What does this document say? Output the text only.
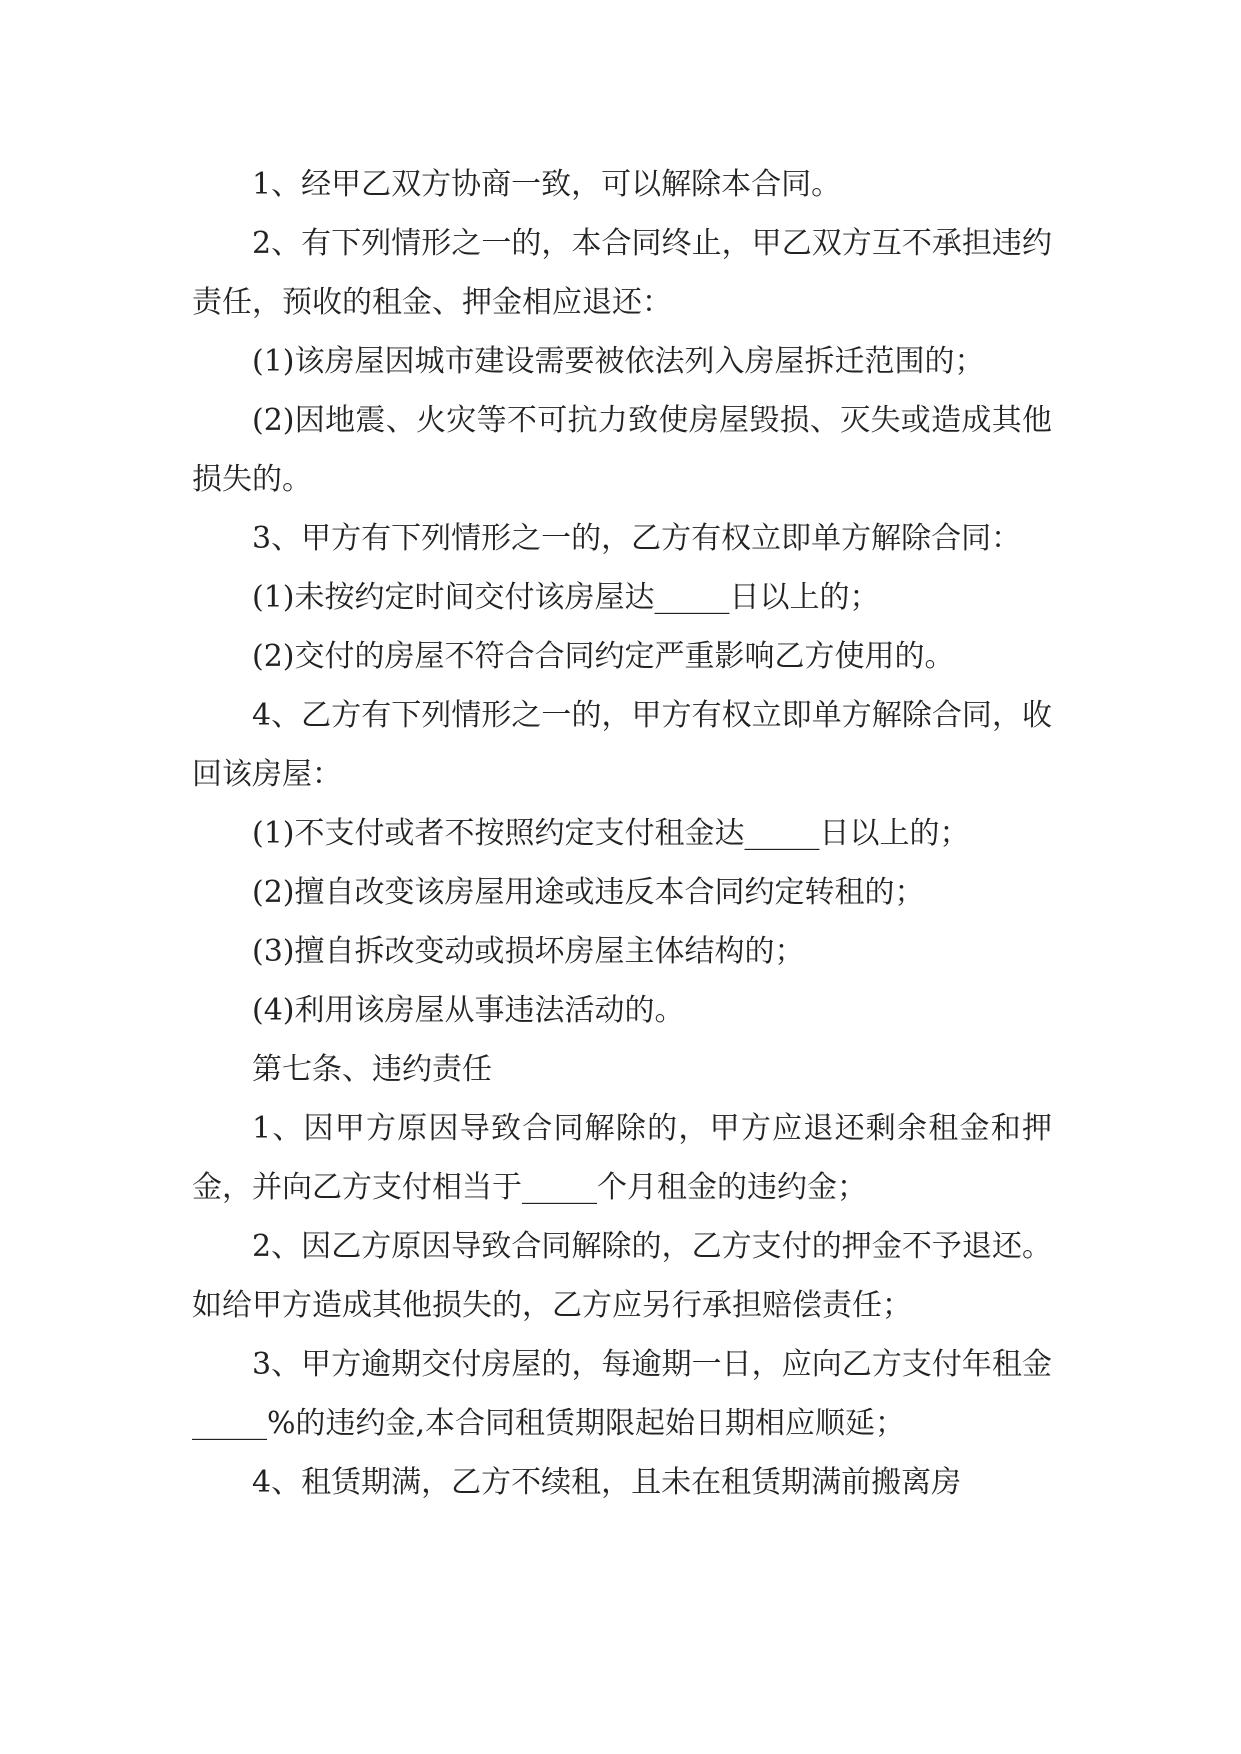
1、经甲乙双方协商一致，可以解除本合同。

2、有下列情形之一的，本合同终止，甲乙双方互不承担违约责任，预收的租金、押金相应退还：

(1)该房屋因城市建设需要被依法列入房屋拆迁范围的；

(2)因地震、火灾等不可抗力致使房屋毁损、灭失或造成其他损失的。

3、甲方有下列情形之一的，乙方有权立即单方解除合同：

(1)未按约定时间交付该房屋达_____日以上的；

(2)交付的房屋不符合合同约定严重影响乙方使用的。

4、乙方有下列情形之一的，甲方有权立即单方解除合同，收回该房屋：

(1)不支付或者不按照约定支付租金达_____日以上的；

(2)擅自改变该房屋用途或违反本合同约定转租的；

(3)擅自拆改变动或损坏房屋主体结构的；

(4)利用该房屋从事违法活动的。

第七条、违约责任

1、因甲方原因导致合同解除的，甲方应退还剩余租金和押金，并向乙方支付相当于_____个月租金的违约金；

2、因乙方原因导致合同解除的，乙方支付的押金不予退还。如给甲方造成其他损失的，乙方应另行承担赔偿责任；

3、甲方逾期交付房屋的，每逾期一日，应向乙方支付年租金_____%的违约金,本合同租赁期限起始日期相应顺延；

4、租赁期满，乙方不续租，且未在租赁期满前搬离房
